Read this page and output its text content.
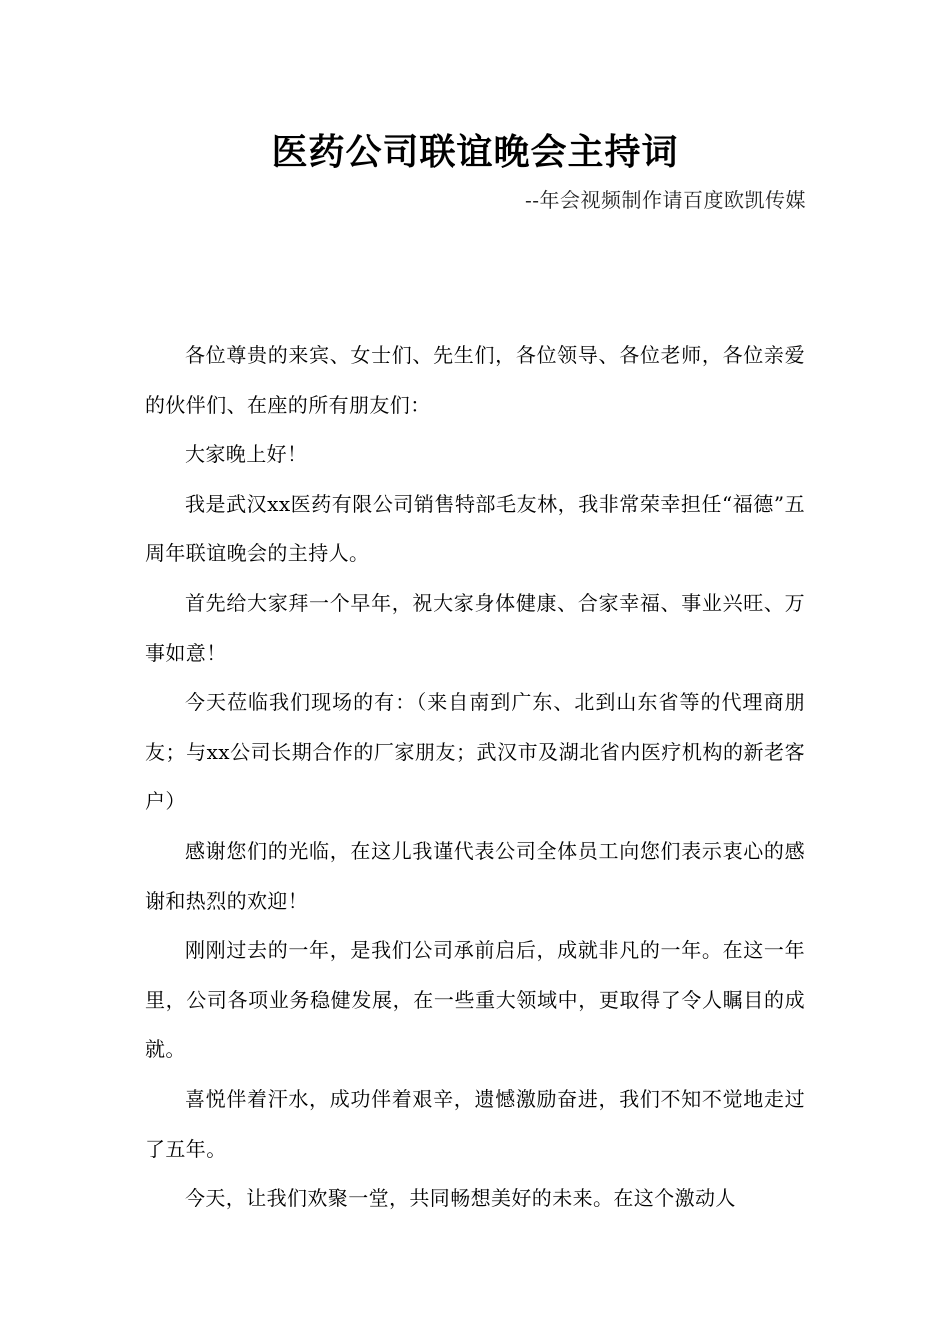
医药公司联谊晚会主持词
--年会视频制作请百度欧凯传媒

各位尊贵的来宾、女士们、先生们，各位领导、各位老师，各位亲爱的伙伴们、在座的所有朋友们：

大家晚上好！

我是武汉xx医药有限公司销售特部毛友林，我非常荣幸担任“福德”五周年联谊晚会的主持人。

首先给大家拜一个早年，祝大家身体健康、合家幸福、事业兴旺、万事如意！

今天莅临我们现场的有：（来自南到广东、北到山东省等的代理商朋友；与xx公司长期合作的厂家朋友；武汉市及湖北省内医疗机构的新老客户）

感谢您们的光临，在这儿我谨代表公司全体员工向您们表示衷心的感谢和热烈的欢迎！

刚刚过去的一年，是我们公司承前启后，成就非凡的一年。在这一年里，公司各项业务稳健发展，在一些重大领域中，更取得了令人瞩目的成就。

喜悦伴着汗水，成功伴着艰辛，遗憾激励奋进，我们不知不觉地走过了五年。

今天，让我们欢聚一堂，共同畅想美好的未来。在这个激动人
